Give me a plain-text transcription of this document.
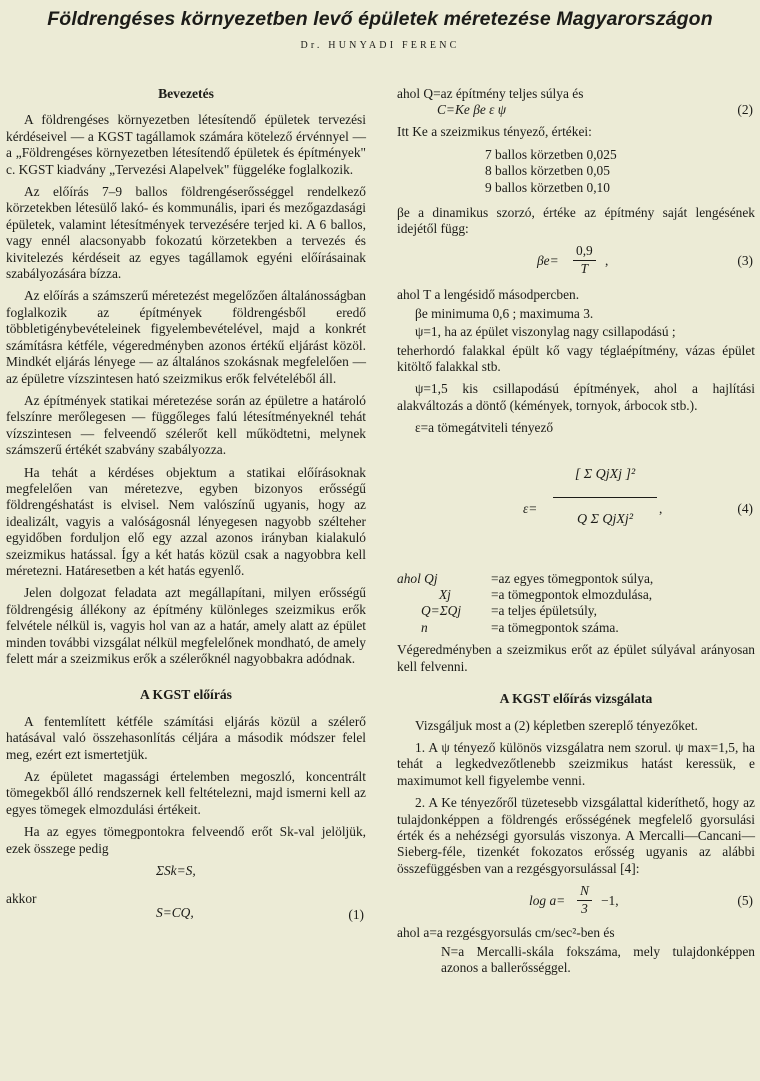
Földrengéses környezetben levő épületek méretezése Magyarországon
Dr. HUNYADI FERENC
Bevezetés

A földrengéses környezetben létesítendő épületek tervezési kérdéseivel — a KGST tagállamok számára kötelező érvénnyel — a „Földrengéses környezetben létesítendő épületek és építmények" c. KGST kiadvány „Tervezési Alapelvek" függeléke foglalkozik.

Az előírás 7–9 ballos földrengéserősséggel rendelkező körzetekben létesülő lakó- és kommunális, ipari és mezőgazdasági épületek, valamint létesítmények tervezésére terjed ki. A 6 ballos, vagy ennél alacsonyabb fokozatú körzetekben a tervezés és kivitelezés kérdéseit az egyes tagállamok egyéni előírásainak szabályozására bízza.

Az előírás a számszerű méretezést megelőzően általánosságban foglalkozik az építmények földrengésből eredő többletigénybevételeinek figyelembevételével, majd a konkrét számításra kétféle, végeredményben azonos értékű eljárást közöl. Mindkét eljárás lényege — az általános szokásnak megfelelően — az épületre vízszintesen ható szeizmikus erők felvételéből áll.

Az építmények statikai méretezése során az épületre a határoló felszínre merőlegesen — függőleges falú létesítményeknél tehát vízszintesen — felveendő szélerőt kell működtetni, melynek számszerű értékét szabvány szabályozza.

Ha tehát a kérdéses objektum a statikai előírásoknak megfelelően van méretezve, egyben bizonyos erősségű földrengéshatást is elvisel. Nem valószínű ugyanis, hogy az idealizált, vagyis a valóságosnál lényegesen nagyobb szélteher egyidőben forduljon elő egy azzal azonos irányban kialakuló szeizmikus hatással. Így a két hatás közül csak a nagyobbra kell méretezni. Határesetben a két hatás egyenlő.

Jelen dolgozat feladata azt megállapítani, milyen erősségű földrengésig állékony az építmény különleges szeizmikus erők felvétele nélkül is, vagyis hol van az a határ, amely alatt az épület minden további vizsgálat nélkül megfelelőnek mondható, de amely felett már a szeizmikus erők a szélerőknél nagyobbakra adódnak.

A KGST előírás

A fentemlített kétféle számítási eljárás közül a szélerő hatásával való összehasonlítás céljára a második módszer felel meg, ezért ezt ismertetjük.

Az épületet magassági értelemben megoszló, koncentrált tömegekből álló rendszernek kell feltételezni, majd ismerni kell az egyes tömegek elmozdulási értékeit.

Ha az egyes tömegpontokra felveendő erőt Sk-val jelöljük, ezek összege pedig

ΣSk=S,
akkor
S=CQ,	(1)

ahol Q=az építmény teljes súlya és

C=Ke βe ε ψ	(2)

Itt Ke a szeizmikus tényező, értékei:

7 ballos körzetben 0,025
8 ballos körzetben 0,05
9 ballos körzetben 0,10

βe a dinamikus szorzó, értéke az építmény saját lengésének idejétől függ:

$\beta e= \frac{0,9}{T}$ ,	(3)

ahol T a lengésidő másodpercben.

βe minimuma 0,6 ; maximuma 3.

ψ=1, ha az épület viszonylag nagy csillapodású ;

teherhordó falakkal épült kő vagy téglaépítmény, vázas épület kitöltő falakkal stb.

ψ=1,5 kis csillapodású építmények, ahol a hajlítási alakváltozás a döntő (kémények, tornyok, árbocok stb.).

ε=a tömegátviteli tényező

ε=
[ Σ QjXj ]²
Q Σ QjXj²
,	(4)
ahol Qj	=az egyes tömegpontok súlya,
Xj	=a tömegpontok elmozdulása,
Q=ΣQj	=a teljes épületsúly,
n	=a tömegpontok száma.

Végeredményben a szeizmikus erőt az épület súlyával arányosan kell felvenni.

A KGST előírás vizsgálata

Vizsgáljuk most a (2) képletben szereplő tényezőket.

1. A ψ tényező különös vizsgálatra nem szorul. ψ max=1,5, ha tehát a legkedvezőtlenebb szeizmikus hatást keressük, e maximumot kell figyelembe venni.

2. A Ke tényezőről tüzetesebb vizsgálattal kideríthető, hogy az tulajdonképpen a földrengés erősségének megfelelő gyorsulási érték és a nehézségi gyorsulás viszonya. A Mercalli—Cancani—Sieberg-féle, tizenkét fokozatos erősség ugyanis az alábbi összefüggésben van a rezgésgyorsulással [4]:

$\log a= \frac{N}{3} -1$,	(5)

ahol a=a rezgésgyorsulás cm/sec²-ben és

N=a Mercalli-skála fokszáma, mely tulajdonképpen azonos a ballerősséggel.
